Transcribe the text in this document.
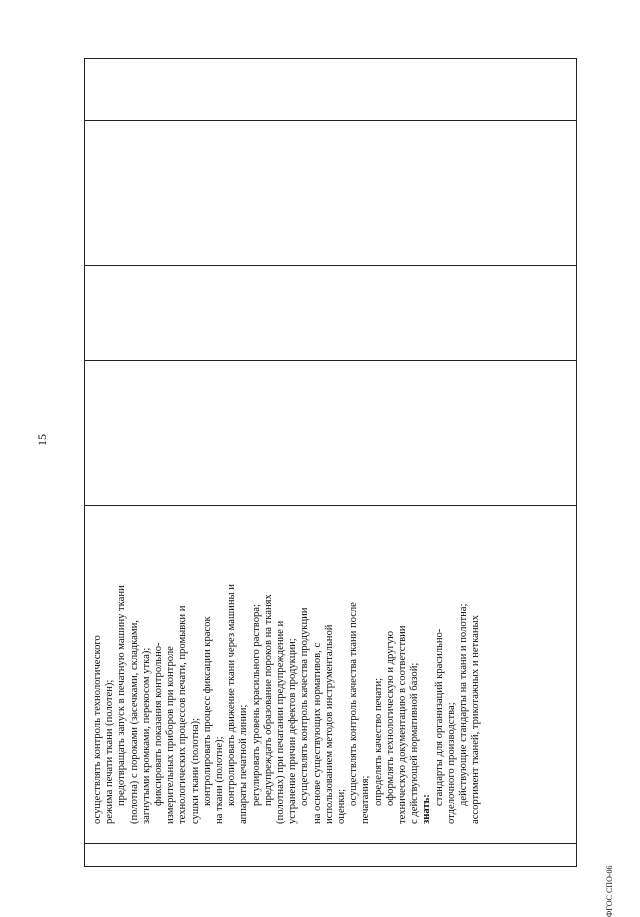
15
осуществлять контроль технологического режима печати ткани (полотен); предотвращать запуск в печатную машину ткани (полотна) с пороками (засечками, складками, загнутыми кромками, перекосом утка); фиксировать показания контрольно- измерительных приборов при контроле технологических процессов печати, промывки и сушки ткани (полотна); контролировать процесс фиксации красок на ткани (полотне); контролировать движение ткани через машины и аппараты печатной линии; регулировать уровень красильного раствора; предупреждать образование пороков на тканях (полотнах) при печатании предупреждение и устранение причин дефектов продукции; осуществлять контроль качества продукции на основе существующих нормативов, с использованием методов инструментальной оценки;
осуществлять контроль качества ткани после печатания; определять качество печати; оформлять технологическую и другую техническую документацию в соответствии с действующей нормативной базой; знать:
стандарты для организаций красильно- отделочного производства; действующие стандарты на ткани и полотна; ассортимент тканей, трикотажных и нетканых
ФГОС СПО-06
